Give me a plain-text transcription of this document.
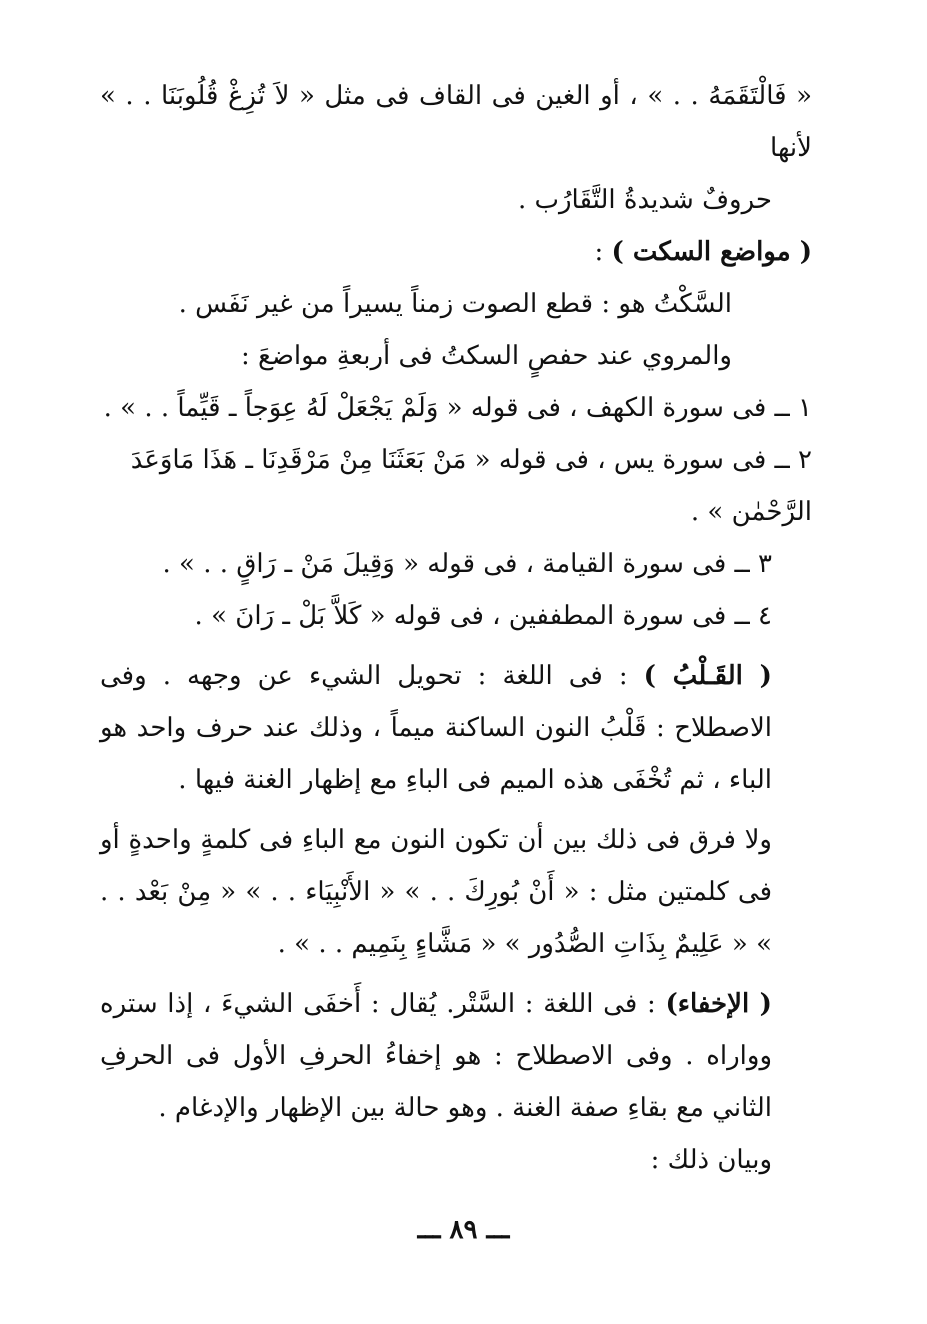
« فَالْتَقَمَهُ . . » ، أو الغين فى القاف فى مثل « لاَ تُزِغْ قُلُوبَنَا . . » لأنها

حروفٌ شديدةُ التَّقَارُب .

( مواضع السكت ) :

السَّكْتُ هو : قطع الصوت زمناً يسيراً من غير نَفَس .

والمروي عند حفصٍ السكتُ فى أربعةِ مواضعَ :

١ ــ فى سورة الكهف ، فى قوله « وَلَمْ يَجْعَلْ لَهُ عِوَجاً ـ قَيِّماً . . » .

٢ ــ فى سورة يس ، فى قوله « مَنْ بَعَثَنَا مِنْ مَرْقَدِنَا ـ هَذَا مَاوَعَدَ

الرَّحْمٰن » .

٣ ــ فى سورة القيامة ، فى قوله « وَقِيلَ مَنْ ـ رَاقٍ . . » .

٤ ــ فى سورة المطففين ، فى قوله « كَلاَّ بَلْ ـ رَانَ » .

( القَـلْبُ ) : فى اللغة : تحويل الشيء عن وجهه . وفى الاصطلاح : قَلْبُ النون الساكنة ميماً ، وذلك عند حرف واحد هو الباء ، ثم تُخْفَى هذه الميم فى الباءِ مع إظهار الغنة فيها .

ولا فرق فى ذلك بين أن تكون النون مع الباءِ فى كلمةٍ واحدةٍ أو فى كلمتين مثل : « أَنْ بُورِكَ . . » « الأَنْبِيَاء . . » « مِنْ بَعْد . . » « عَلِيمٌ بِذَاتِ الصُّدُور » « مَشَّاءٍ بِنَمِيم . . » .

( الإخفاء) : فى اللغة : السَّتْر. يُقال : أَخفَى الشيءَ ، إذا ستره وواراه . وفى الاصطلاح : هو إخفاءُ الحرفِ الأول فى الحرفِ الثاني مع بقاءِ صفة الغنة . وهو حالة بين الإظهار والإدغام .

وبيان ذلك :

ـــ ٨٩ ـــ
